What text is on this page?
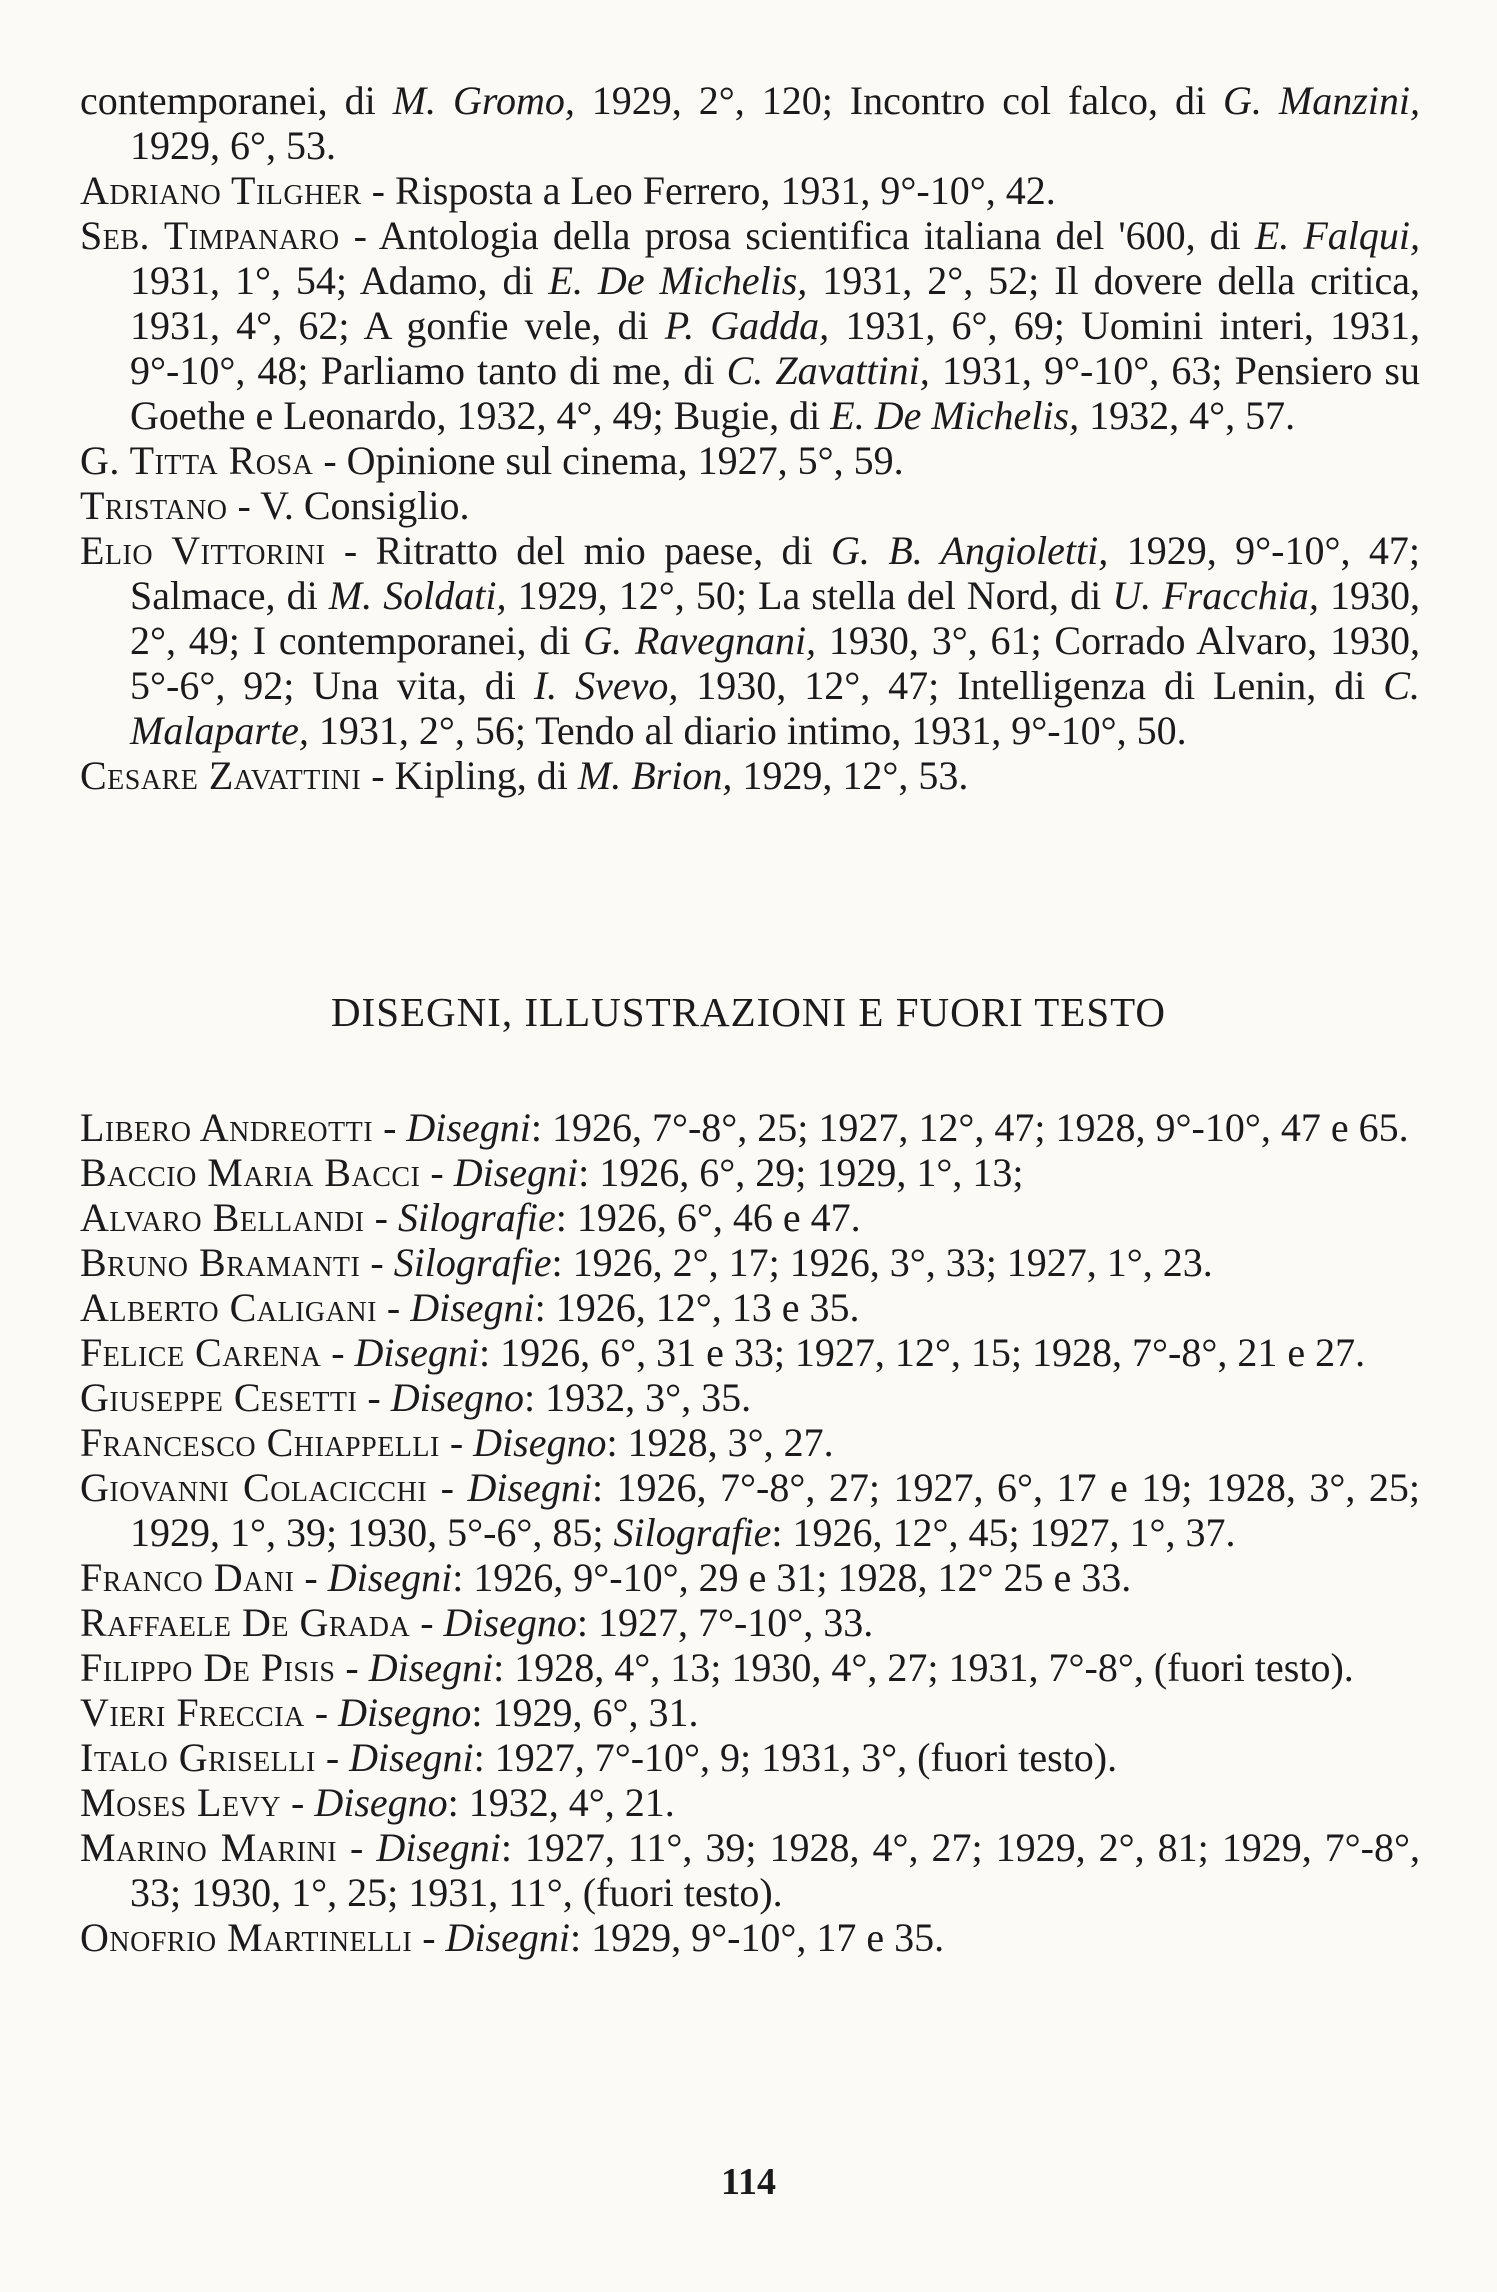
contemporanei, di M. Gromo, 1929, 2°, 120; Incontro col falco, di G. Manzini, 1929, 6°, 53.

Adriano Tilgher - Risposta a Leo Ferrero, 1931, 9°-10°, 42.

Seb. Timpanaro - Antologia della prosa scientifica italiana del '600, di E. Falqui, 1931, 1°, 54; Adamo, di E. De Michelis, 1931, 2°, 52; Il dovere della critica, 1931, 4°, 62; A gonfie vele, di P. Gadda, 1931, 6°, 69; Uomini interi, 1931, 9°-10°, 48; Parliamo tanto di me, di C. Zavattini, 1931, 9°-10°, 63; Pensiero su Goethe e Leonardo, 1932, 4°, 49; Bugie, di E. De Michelis, 1932, 4°, 57.

G. Titta Rosa - Opinione sul cinema, 1927, 5°, 59.

Tristano - V. Consiglio.

Elio Vittorini - Ritratto del mio paese, di G. B. Angioletti, 1929, 9°-10°, 47; Salmace, di M. Soldati, 1929, 12°, 50; La stella del Nord, di U. Fracchia, 1930, 2°, 49; I contemporanei, di G. Ravegnani, 1930, 3°, 61; Corrado Alvaro, 1930, 5°-6°, 92; Una vita, di I. Svevo, 1930, 12°, 47; Intelligenza di Lenin, di C. Malaparte, 1931, 2°, 56; Tendo al diario intimo, 1931, 9°-10°, 50.

Cesare Zavattini - Kipling, di M. Brion, 1929, 12°, 53.

DISEGNI, ILLUSTRAZIONI E FUORI TESTO

Libero Andreotti - Disegni: 1926, 7°-8°, 25; 1927, 12°, 47; 1928, 9°-10°, 47 e 65.

Baccio Maria Bacci - Disegni: 1926, 6°, 29; 1929, 1°, 13;

Alvaro Bellandi - Silografie: 1926, 6°, 46 e 47.

Bruno Bramanti - Silografie: 1926, 2°, 17; 1926, 3°, 33; 1927, 1°, 23.

Alberto Caligani - Disegni: 1926, 12°, 13 e 35.

Felice Carena - Disegni: 1926, 6°, 31 e 33; 1927, 12°, 15; 1928, 7°-8°, 21 e 27.

Giuseppe Cesetti - Disegno: 1932, 3°, 35.

Francesco Chiappelli - Disegno: 1928, 3°, 27.

Giovanni Colacicchi - Disegni: 1926, 7°-8°, 27; 1927, 6°, 17 e 19; 1928, 3°, 25; 1929, 1°, 39; 1930, 5°-6°, 85; Silografie: 1926, 12°, 45; 1927, 1°, 37.

Franco Dani - Disegni: 1926, 9°-10°, 29 e 31; 1928, 12° 25 e 33.

Raffaele De Grada - Disegno: 1927, 7°-10°, 33.

Filippo De Pisis - Disegni: 1928, 4°, 13; 1930, 4°, 27; 1931, 7°-8°, (fuori testo).

Vieri Freccia - Disegno: 1929, 6°, 31.

Italo Griselli - Disegni: 1927, 7°-10°, 9; 1931, 3°, (fuori testo).

Moses Levy - Disegno: 1932, 4°, 21.

Marino Marini - Disegni: 1927, 11°, 39; 1928, 4°, 27; 1929, 2°, 81; 1929, 7°-8°, 33; 1930, 1°, 25; 1931, 11°, (fuori testo).

Onofrio Martinelli - Disegni: 1929, 9°-10°, 17 e 35.

114
